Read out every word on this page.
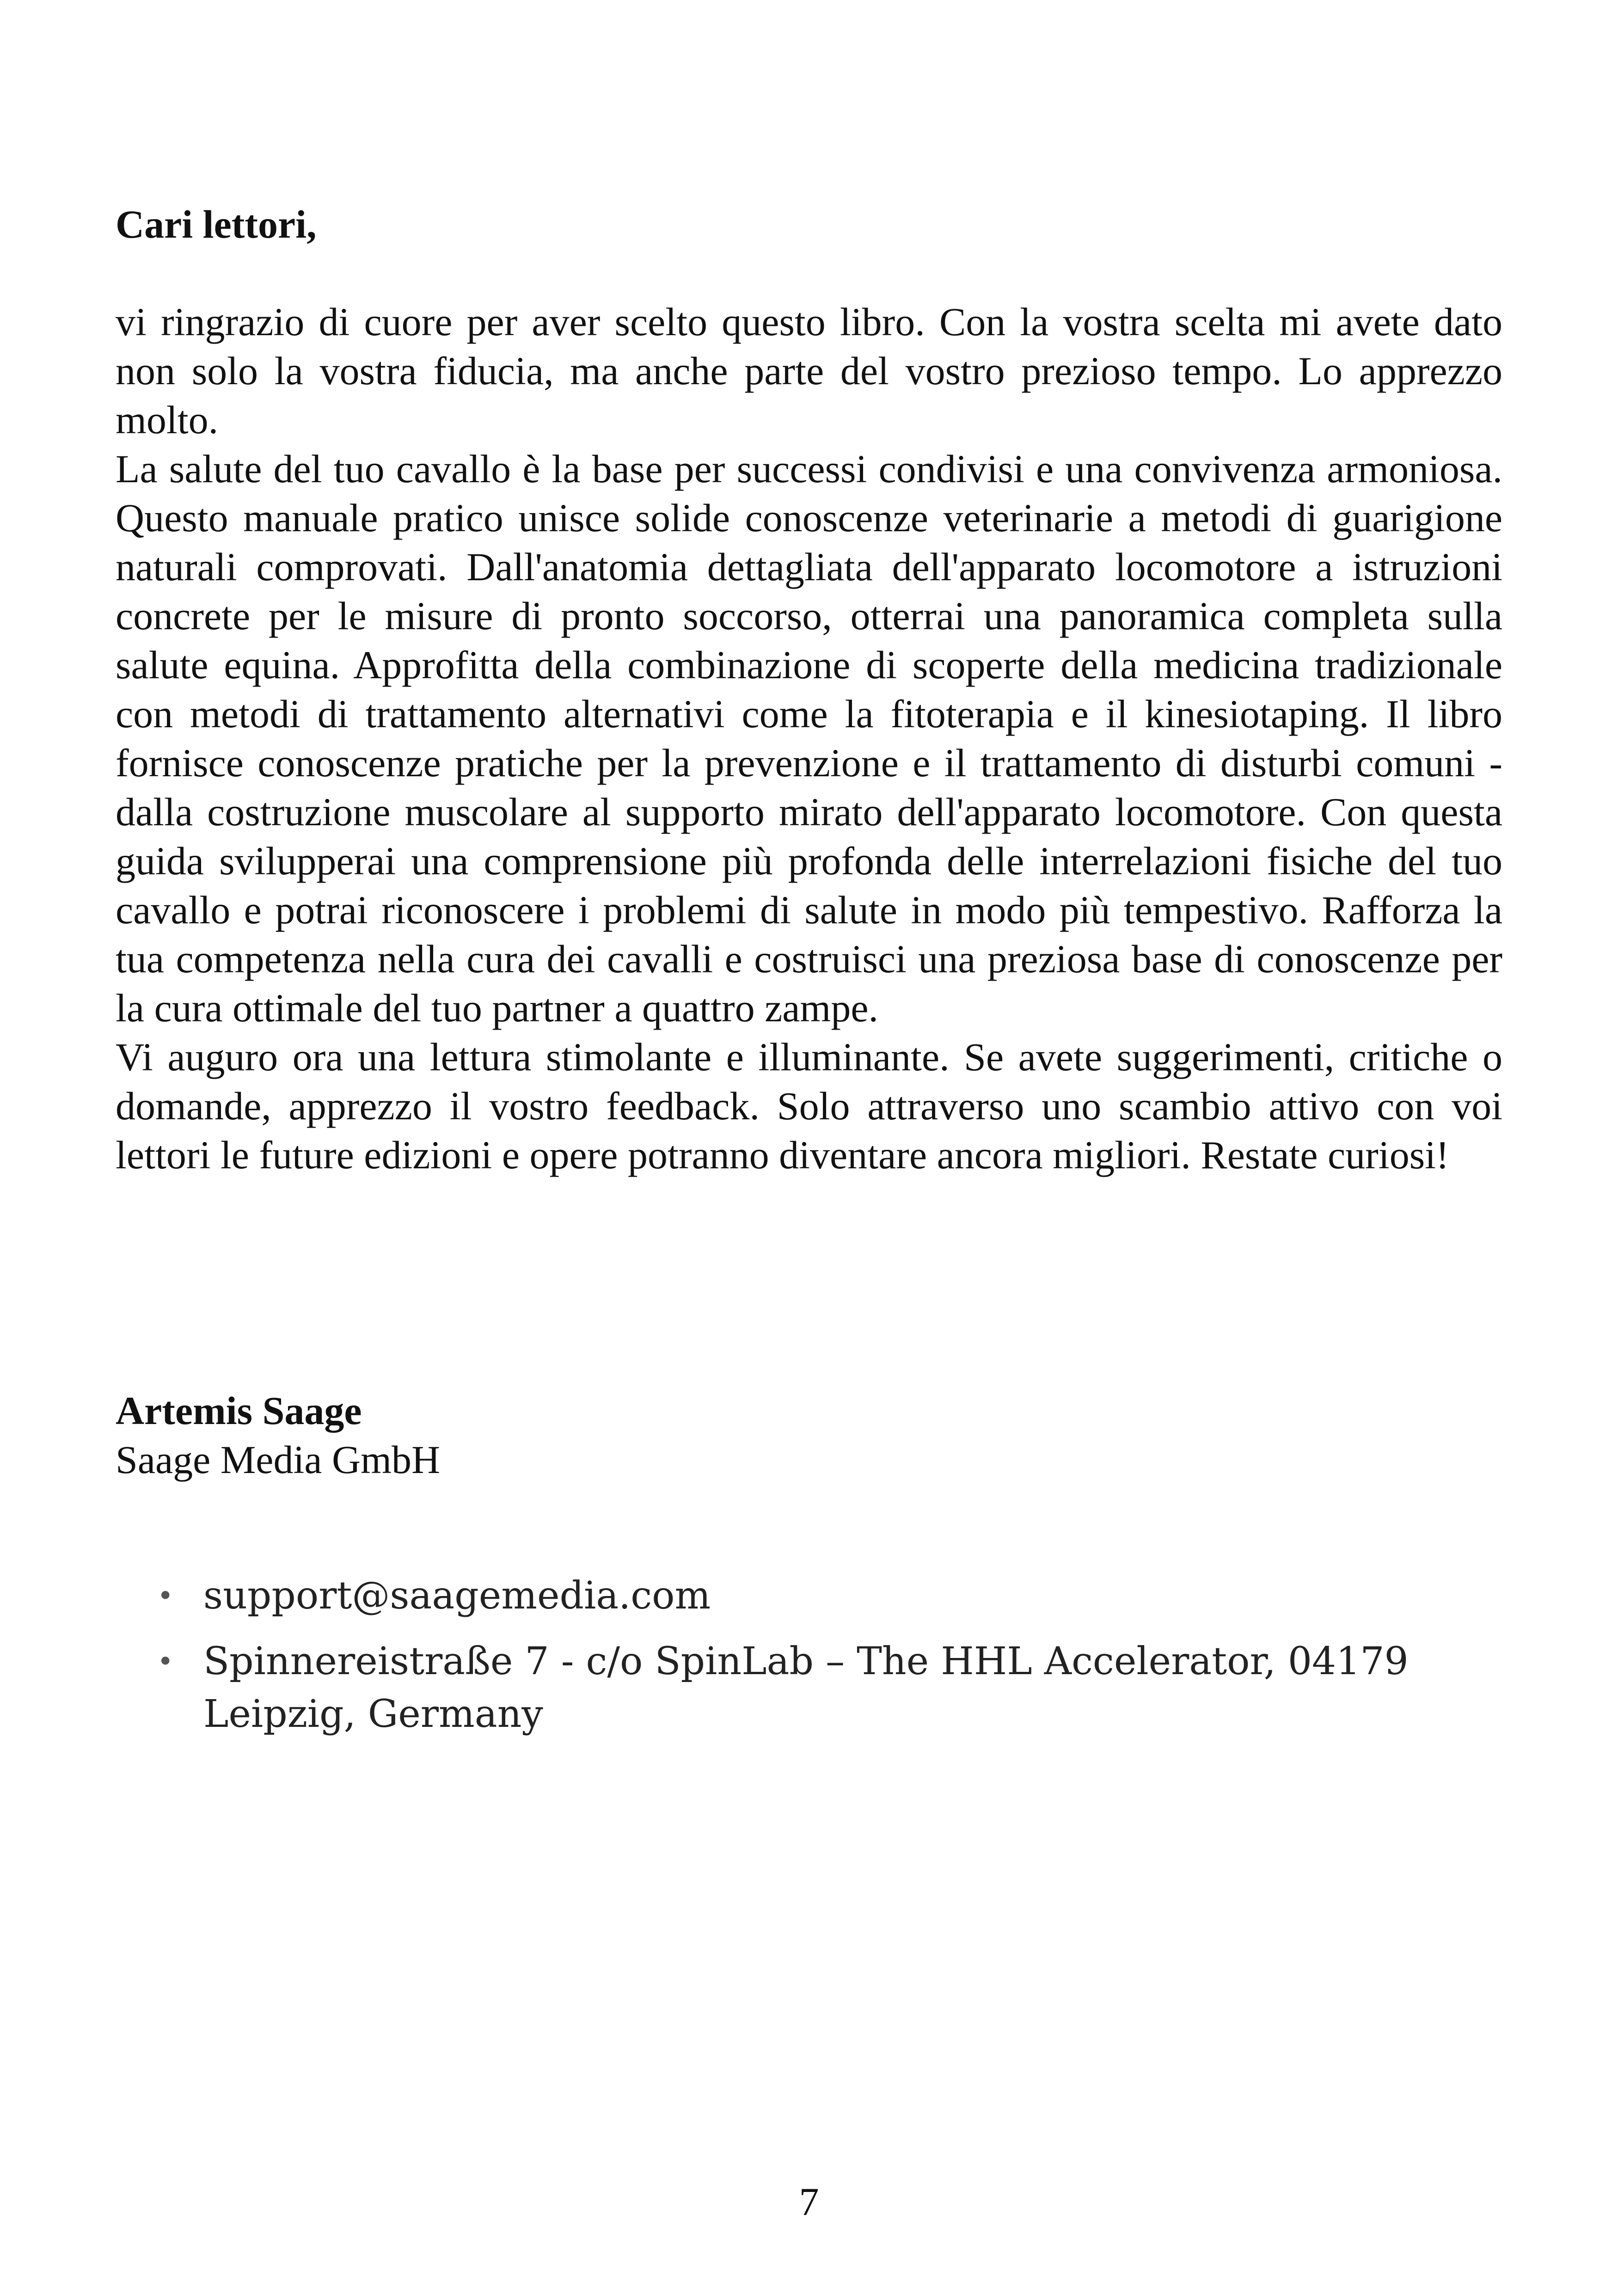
Cari lettori,

vi ringrazio di cuore per aver scelto questo libro. Con la vostra scelta mi avete dato non solo la vostra fiducia, ma anche parte del vostro prezioso tempo. Lo apprezzo molto.

La salute del tuo cavallo è la base per successi condivisi e una convivenza armoniosa. Questo manuale pratico unisce solide conoscenze veterinarie a metodi di guarigione naturali comprovati. Dall'anatomia dettagliata dell'apparato locomotore a istruzioni concrete per le misure di pronto soccorso, otterrai una panoramica completa sulla salute equina. Approfitta della combinazione di scoperte della medicina tradizionale con metodi di trattamento alternativi come la fitoterapia e il kinesiotaping. Il libro fornisce conoscenze pratiche per la prevenzione e il trattamento di disturbi comuni - dalla costruzione muscolare al supporto mirato dell'apparato locomotore. Con questa guida svilupperai una comprensione più profonda delle interrelazioni fisiche del tuo cavallo e potrai riconoscere i problemi di salute in modo più tempestivo. Rafforza la tua competenza nella cura dei cavalli e costruisci una preziosa base di conoscenze per la cura ottimale del tuo partner a quattro zampe.

Vi auguro ora una lettura stimolante e illuminante. Se avete suggerimenti, critiche o domande, apprezzo il vostro feedback. Solo attraverso uno scambio attivo con voi lettori le future edizioni e opere potranno diventare ancora migliori. Restate curiosi!

Artemis Saage
Saage Media GmbH
• support@saagemedia.com
• Spinnereistraße 7 - c/o SpinLab – The HHL Accelerator, 04179 Leipzig, Germany
7
